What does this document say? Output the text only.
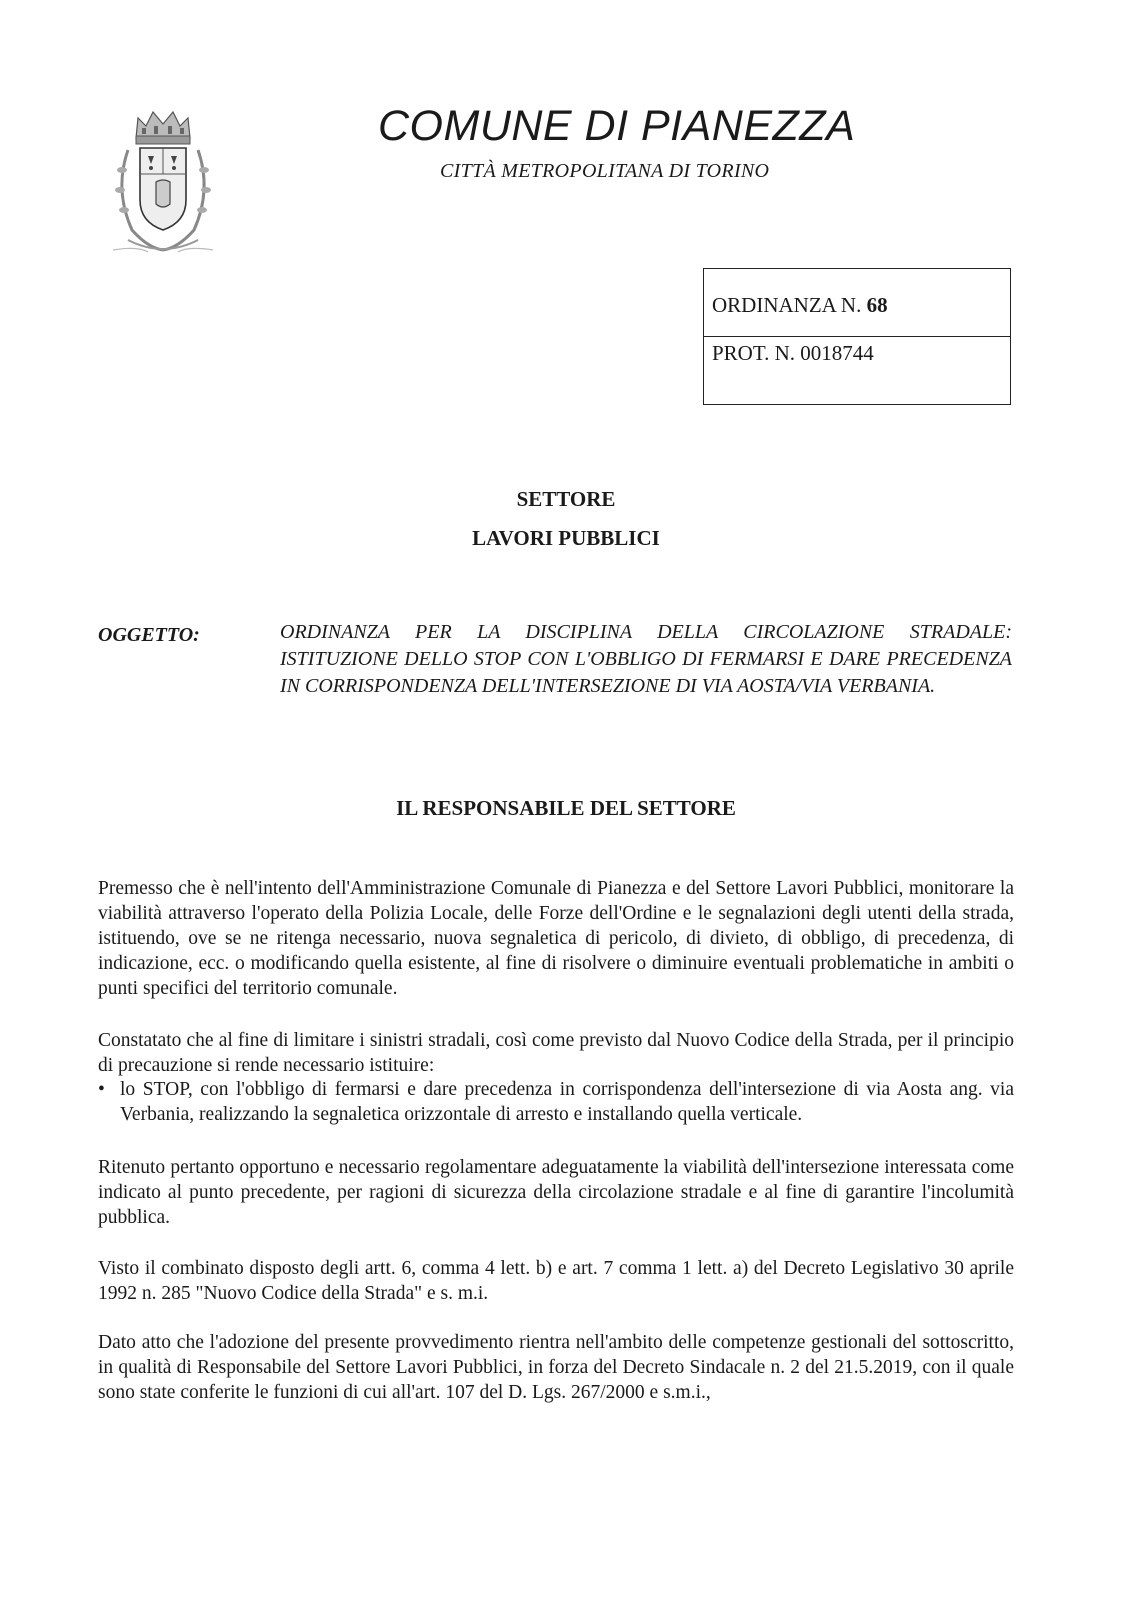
COMUNE DI PIANEZZA
CITTÀ METROPOLITANA DI TORINO
ORDINANZA N. 68
PROT. N. 0018744
SETTORE
LAVORI PUBBLICI
OGGETTO:	ORDINANZA PER LA DISCIPLINA DELLA CIRCOLAZIONE STRADALE: ISTITUZIONE DELLO STOP CON L'OBBLIGO DI FERMARSI E DARE PRECEDENZA IN CORRISPONDENZA DELL'INTERSEZIONE DI VIA AOSTA/VIA VERBANIA.
IL RESPONSABILE DEL SETTORE
Premesso che è nell'intento dell'Amministrazione Comunale di Pianezza e del Settore Lavori Pubblici, monitorare la viabilità attraverso l'operato della Polizia Locale, delle Forze dell'Ordine e le segnalazioni degli utenti della strada, istituendo, ove se ne ritenga necessario, nuova segnaletica di pericolo, di divieto, di obbligo, di precedenza, di indicazione, ecc. o modificando quella esistente, al fine di risolvere o diminuire eventuali problematiche in ambiti o punti specifici del territorio comunale.
Constatato che al fine di limitare i sinistri stradali, così come previsto dal Nuovo Codice della Strada, per il principio di precauzione si rende necessario istituire:
• lo STOP, con l'obbligo di fermarsi e dare precedenza in corrispondenza dell'intersezione di via Aosta ang. via Verbania, realizzando la segnaletica orizzontale di arresto e installando quella verticale.
Ritenuto pertanto opportuno e necessario regolamentare adeguatamente la viabilità dell'intersezione interessata come indicato al punto precedente, per ragioni di sicurezza della circolazione stradale e al fine di garantire l'incolumità pubblica.
Visto il combinato disposto degli artt. 6, comma 4 lett. b) e art. 7 comma 1 lett. a) del Decreto Legislativo 30 aprile 1992 n. 285 "Nuovo Codice della Strada" e s. m.i.
Dato atto che l'adozione del presente provvedimento rientra nell'ambito delle competenze gestionali del sottoscritto, in qualità di Responsabile del Settore Lavori Pubblici, in forza del Decreto Sindacale n. 2 del 21.5.2019, con il quale sono state conferite le funzioni di cui all'art. 107 del D. Lgs. 267/2000 e s.m.i.,
